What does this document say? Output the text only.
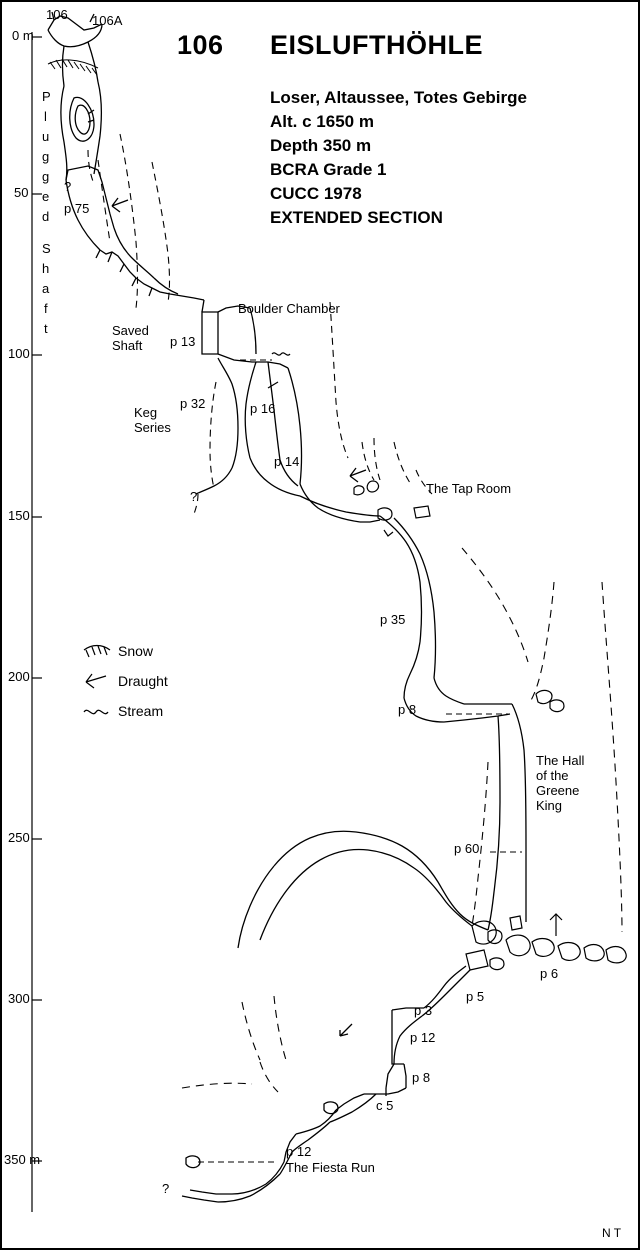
106 EISLUFTHÖHLE
Loser, Altaussee, Totes Gebirge
Alt. c 1650 m
Depth 350 m
BCRA Grade 1
CUCC 1978
EXTENDED SECTION
106 106A
0 m
50
100
150
200
250
300
350 m
P
l
u
g
g
e
d
S
h
a
f
t
p 75
p 13
p 32	p 16
p 14
p 35
p 8
p 60
p 6
p 5
p 3
p 12
p 8
c 5
p 12
Saved
Shaft
Boulder Chamber
Keg
Series
The Tap Room
The Hall
of the
Greene
King
The Fiesta Run
?
?
?
Snow
Draught
Stream
N T
